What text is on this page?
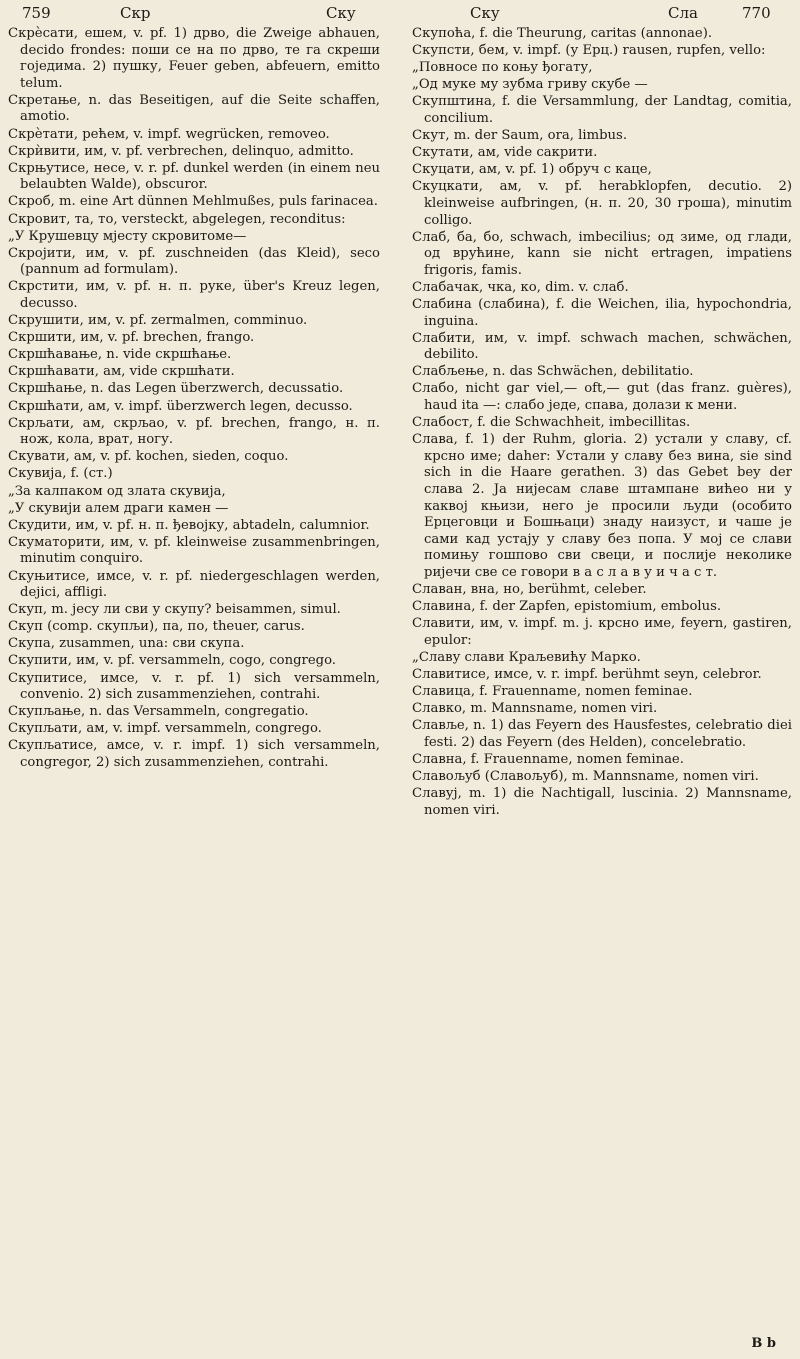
759	Скр	Ску	Ску	Сла	770
Скрèсати, eшем, v. pf. 1) дрво, die Zweige abhauen, decido frondes: поши се на по дрво, те га скреши гоједима. 2) пушку, Feuer geben, abfeuern, emitto telum.
Скретање, n. das Beseitigen, auf die Seite schaffen, amotio.
Скрèтати, рећем, v. impf. wegrücken, removeo.
Скрѝвити, им, v. pf. verbrechen, delinquo, admitto.
Скрњутисе, несе, v. r. pf. dunkel werden (in einem neu belaubten Walde), obscuror.
Скроб, m. eine Art dünnen Mehlmußes, puls farinacea.
Скровит, та, то, versteckt, abgelegen, reconditus:
„У Крушевцу мјесту скровитоме—
Скројити, им, v. pf. zuschneiden (das Kleid), seco (pannum ad formulam).
Скрстити, им, v. pf. н. п. руке, über's Kreuz legen, decusso.
Скрушити, им, v. pf. zermalmen, comminuo.
Скршити, им, v. pf. brechen, frango.
Скршћавање, n. vide скршћање.
Скршћавати, ам, vide скршћати.
Скршћање, n. das Legen überzwerch, decussatio.
Скршћати, ам, v. impf. überzwerch legen, decusso.
Скрљати, ам, скрљао, v. pf. brechen, frango, н. п. нож, кола, врат, ногу.
Скувати, ам, v. pf. kochen, sieden, coquo.
Скувија, f. (ст.)
„За калпаком од злата скувија,
„У скувији алем драги камен —
Скудити, им, v. pf. н. п. ђевојку, abtadeln, calumnior.
Скуматорити, им, v. pf. kleinweise zusammenbringen, minutim conquiro.
Скуњитисе, имсе, v. r. pf. niedergeschlagen werden, dejici, affligi.
Скуп, m. јесу ли сви у скупу? beisammen, simul.
Скуп (comp. скупљи), па, по, theuer, carus.
Скупа, zusammen, una: сви скупа.
Скупити, им, v. pf. versammeln, cogo, congrego.
Скупитисе, имсе, v. r. pf. 1) sich versammeln, convenio. 2) sich zusammenziehen, contrahi.
Скупљање, n. das Versammeln, congregatio.
Скупљати, ам, v. impf. versammeln, congrego.
Скупљатисе, амсе, v. r. impf. 1) sich versammeln, congregor, 2) sich zusammenziehen, contrahi.
Скупоћа, f. die Theurung, caritas (annonae).
Скупсти, бем, v. impf. (у Ерц.) rausen, rupfen, vello:
„Повносе по коњу ђогату,
„Од муке му зубма гриву скубе —
Скупштина, f. die Versammlung, der Landtag, comitia, concilium.
Скут, m. der Saum, ora, limbus.
Скутати, ам, vide сакрити.
Скуцати, ам, v. pf. 1) обруч с каце,
Скуцкати, ам, v. pf. herabklopfen, decutio. 2) kleinweise aufbringen, (н. п. 20, 30 гроша), minutim colligo.
Слаб, ба, бо, schwach, imbecilius; од зиме, од глади, од врућине, kann sie nicht ertragen, impatiens frigoris, famis.
Слабачак, чка, ко, dim. v. слаб.
Слабина (слабина), f. die Weichen, ilia, hypochondria, inguina.
Слабити, им, v. impf. schwach machen, schwächen, debilito.
Слабљење, n. das Schwächen, debilitatio.
Слабо, nicht gar viel,— oft,— gut (das franz. guères), haud ita —: слабо једе, спава, долази к мени.
Слабост, f. die Schwachheit, imbecillitas.
Слава, f. 1) der Ruhm, gloria. 2) устали у славу, cf. крсно име; daher: Устали у славу без вина, sie sind sich in die Haare gerathen. 3) das Gebet bey der слава 2. Ја нијесам славе штампане вићео ни у каквој књизи, него је просили људи (особито Ерцеговци и Бошњаци) знаду наизуст, и чаше је сами кад устају у славу без попа. У мој се слави помињу гошпово сви свеци, и послије неколике ријечи све се говори в а с л а в у и ч а с т.
Славан, вна, но, berühmt, celeber.
Славина, f. der Zapfen, epistomium, embolus.
Славити, им, v. impf. m. j. крсно име, feyern, gastiren, epulor:
„Славу слави Краљевићу Марко.
Славитисе, имсе, v. r. impf. berühmt seyn, celebror.
Славица, f. Frauenname, nomen feminae.
Славко, m. Mannsname, nomen viri.
Славље, n. 1) das Feyern des Hausfestes, celebratio diei festi. 2) das Feyern (des Helden), concelebratio.
Славна, f. Frauenname, nomen feminae.
Славољуб (Славољуб), m. Mannsname, nomen viri.
Славуј, m. 1) die Nachtigall, luscinia. 2) Mannsname, nomen viri.
B b
